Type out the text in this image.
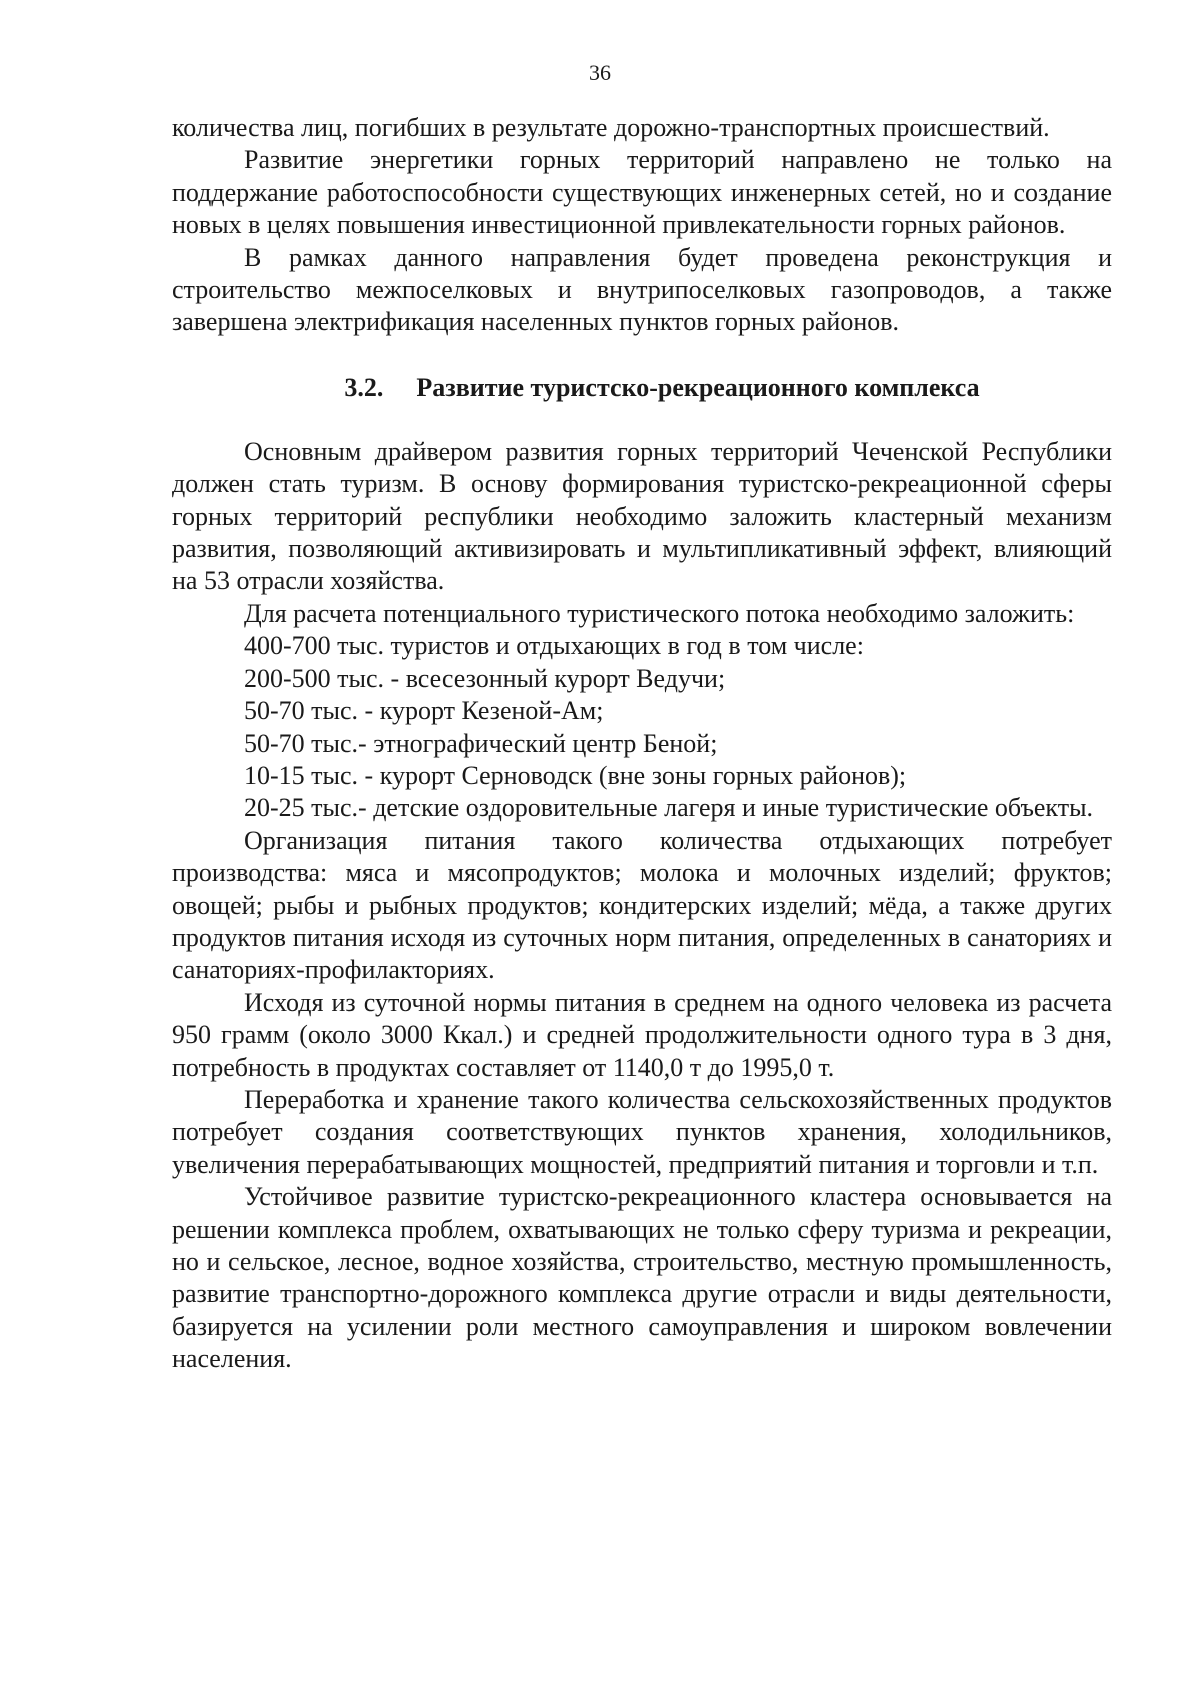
36

количества лиц, погибших в результате дорожно-транспортных происшествий.

Развитие энергетики горных территорий направлено не только на поддержание работоспособности существующих инженерных сетей, но и создание новых в целях повышения инвестиционной привлекательности горных районов.

В рамках данного направления будет проведена реконструкция и строительство межпоселковых и внутрипоселковых газопроводов, а также завершена электрификация населенных пунктов горных районов.

3.2. Развитие туристско-рекреационного комплекса

Основным драйвером развития горных территорий Чеченской Республики должен стать туризм. В основу формирования туристско-рекреационной сферы горных территорий республики необходимо заложить кластерный механизм развития, позволяющий активизировать и мультипликативный эффект, влияющий на 53 отрасли хозяйства.

Для расчета потенциального туристического потока необходимо заложить:

400-700 тыс. туристов и отдыхающих в год в том числе:

200-500 тыс. - всесезонный курорт Ведучи;

50-70 тыс. - курорт Кезеной-Ам;

50-70 тыс.- этнографический центр Беной;

10-15 тыс. - курорт Серноводск (вне зоны горных районов);

20-25 тыс.- детские оздоровительные лагеря и иные туристические объекты.

Организация питания такого количества отдыхающих потребует производства: мяса и мясопродуктов; молока и молочных изделий; фруктов; овощей; рыбы и рыбных продуктов; кондитерских изделий; мёда, а также других продуктов питания исходя из суточных норм питания, определенных в санаториях и санаториях-профилакториях.

Исходя из суточной нормы питания в среднем на одного человека из расчета 950 грамм (около 3000 Ккал.) и средней продолжительности одного тура в 3 дня, потребность в продуктах составляет от 1140,0 т до 1995,0 т.

Переработка и хранение такого количества сельскохозяйственных продуктов потребует создания соответствующих пунктов хранения, холодильников, увеличения перерабатывающих мощностей, предприятий питания и торговли и т.п.

Устойчивое развитие туристско-рекреационного кластера основывается на решении комплекса проблем, охватывающих не только сферу туризма и рекреации, но и сельское, лесное, водное хозяйства, строительство, местную промышленность, развитие транспортно-дорожного комплекса другие отрасли и виды деятельности, базируется на усилении роли местного самоуправления и широком вовлечении населения.
